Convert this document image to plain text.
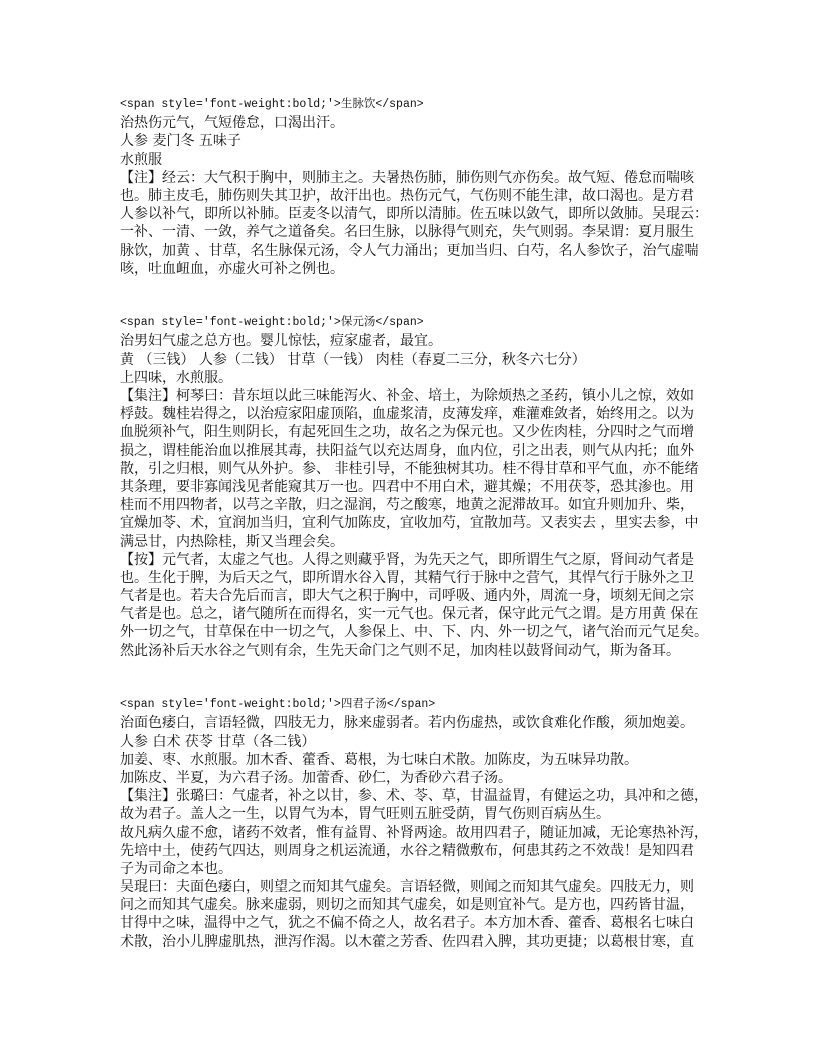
<span style='font-weight:bold;'>生脉饮</span>
治热伤元气，气短倦怠，口渴出汗。
人参 麦门冬 五味子
水煎服
【注】经云：大气积于胸中，则肺主之。夫暑热伤肺，肺伤则气亦伤矣。故气短、倦怠而喘咳
也。肺主皮毛，肺伤则失其卫护，故汗出也。热伤元气，气伤则不能生津，故口渴也。是方君
人参以补气，即所以补肺。臣麦冬以清气，即所以清肺。佐五味以敛气，即所以敛肺。吴琨云：
一补、一清、一敛，养气之道备矣。名曰生脉，以脉得气则充，失气则弱。李杲谓：夏月服生
脉饮，加黄 、甘草，名生脉保元汤，令人气力涌出；更加当归、白芍，名人参饮子，治气虚喘
咳，吐血衄血，亦虚火可补之例也。
<span style='font-weight:bold;'>保元汤</span>
治男妇气虚之总方也。婴儿惊怯，痘家虚者，最宜。
黄 （三钱） 人参（二钱） 甘草（一钱） 肉桂（春夏二三分，秋冬六七分）
上四味，水煎服。
【集注】柯琴曰：昔东垣以此三味能泻火、补金、培土，为除烦热之圣药，镇小儿之惊，效如
桴鼓。魏桂岩得之，以治痘家阳虚顶陷，血虚浆清，皮薄发痒，难灌难敛者，始终用之。以为
血脱须补气，阳生则阴长，有起死回生之功，故名之为保元也。又少佐肉桂，分四时之气而增
损之，谓桂能治血以推展其毒，扶阳益气以充达周身，血内位，引之出表，则气从内托；血外
散，引之归根，则气从外护。参、 非桂引导，不能独树其功。桂不得甘草和平气血，亦不能绪
其条理，要非寡闻浅见者能窥其万一也。四君中不用白术，避其燥；不用茯苓，恐其渗也。用
桂而不用四物者，以芎之辛散，归之湿润，芍之酸寒，地黄之泥滞故耳。如宜升则加升、柴，
宜燥加苓、术，宜润加当归，宜利气加陈皮，宜收加芍，宜散加芎。又表实去 ，里实去参，中
满忌甘，内热除桂，斯又当理会矣。
【按】元气者，太虚之气也。人得之则藏乎肾，为先天之气，即所谓生气之原，肾间动气者是
也。生化于脾，为后天之气，即所谓水谷入胃，其精气行于脉中之营气，其悍气行于脉外之卫
气者是也。若夫合先后而言，即大气之积于胸中，司呼吸、通内外，周流一身，顷刻无间之宗
气者是也。总之，诸气随所在而得名，实一元气也。保元者，保守此元气之谓。是方用黄 保在
外一切之气，甘草保在中一切之气，人参保上、中、下、内、外一切之气，诸气治而元气足矣。
然此汤补后天水谷之气则有余，生先天命门之气则不足，加肉桂以鼓肾间动气，斯为备耳。
<span style='font-weight:bold;'>四君子汤</span>
治面色痿白，言语轻微，四肢无力，脉来虚弱者。若内伤虚热，或饮食难化作酸，须加炮姜。
人参 白术 茯苓 甘草（各二钱）
加姜、枣、水煎服。加木香、藿香、葛根，为七味白术散。加陈皮，为五味异功散。
加陈皮、半夏，为六君子汤。加蕾香、砂仁，为香砂六君子汤。
【集注】张璐曰：气虚者，补之以甘，参、术、苓、草，甘温益胃，有健运之功，具冲和之德，
故为君子。盖人之一生，以胃气为本，胃气旺则五脏受荫，胃气伤则百病丛生。
故凡病久虚不愈，诸药不效者，惟有益胃、补肾两途。故用四君子，随证加减，无论寒热补泻，
先培中土，使药气四达，则周身之机运流通，水谷之精微敷布，何患其药之不效哉！是知四君
子为司命之本也。
吴琨曰：夫面色痿白，则望之而知其气虚矣。言语轻微，则闻之而知其气虚矣。四肢无力，则
问之而知其气虚矣。脉来虚弱，则切之而知其气虚矣，如是则宜补气。是方也，四药皆甘温，
甘得中之味，温得中之气，犹之不偏不倚之人，故名君子。本方加木香、藿香、葛根名七味白
术散，治小儿脾虚肌热，泄泻作渴。以木藿之芳香、佐四君入脾，其功更捷；以葛根甘寒，直
